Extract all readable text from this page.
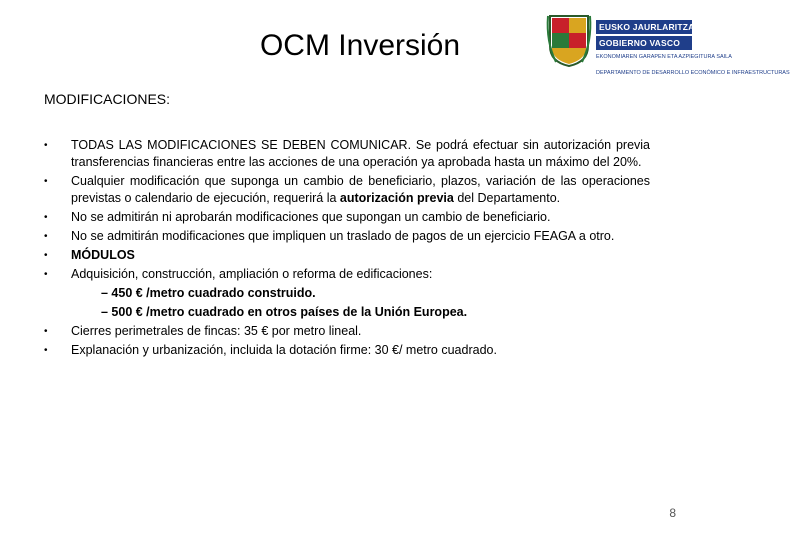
OCM Inversión
EUSKO JAURLARITZA
GOBIERNO VASCO
EKONOMIAREN GARAPEN ETA AZPIEGITURA SAILA
DEPARTAMENTO DE DESARROLLO ECONÓMICO E INFRAESTRUCTURAS
MODIFICACIONES:
• TODAS LAS MODIFICACIONES SE DEBEN COMUNICAR. Se podrá efectuar sin autorización previa transferencias financieras entre las acciones de una operación ya aprobada hasta un máximo del 20%.
• Cualquier modificación que suponga un cambio de beneficiario, plazos, variación de las operaciones previstas o calendario de ejecución, requerirá la autorización previa del Departamento.
• No se admitirán ni aprobarán modificaciones que supongan un cambio de beneficiario.
• No se admitirán modificaciones que impliquen un traslado de pagos de un ejercicio FEAGA a otro.
• MÓDULOS
• Adquisición, construcción, ampliación o reforma de edificaciones:
– 450 € /metro cuadrado construido.
– 500 € /metro cuadrado en otros países de la Unión Europea.
• Cierres perimetrales de fincas: 35 € por metro lineal.
• Explanación y urbanización, incluida la dotación firme: 30 €/ metro cuadrado.
8
